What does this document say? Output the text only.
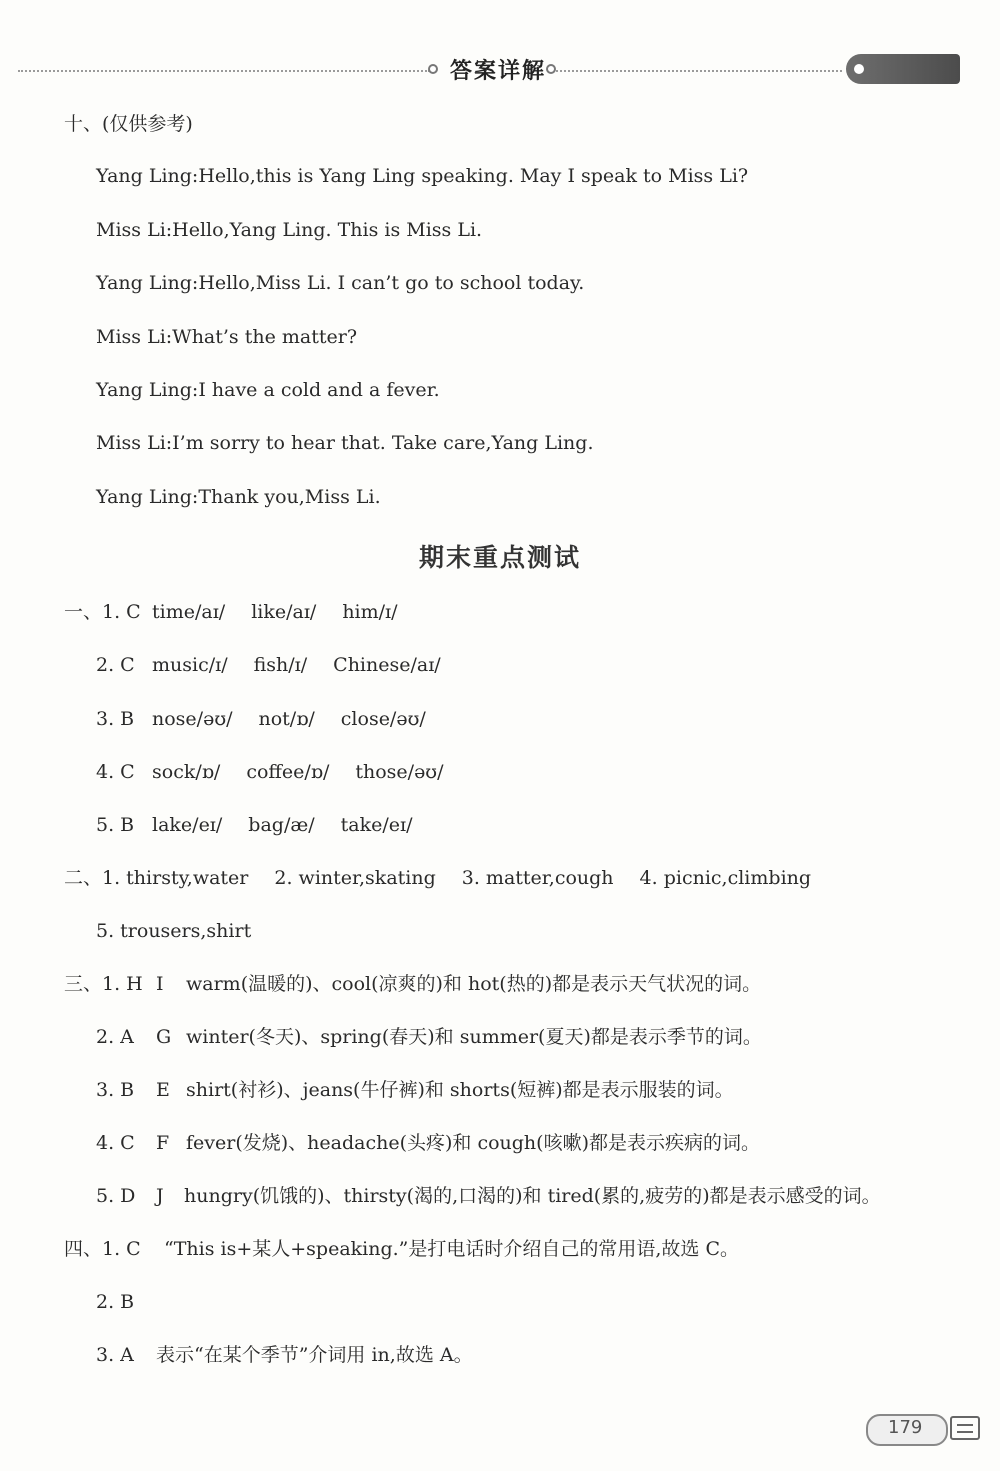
答案详解
十、(仅供参考)
Yang Ling:Hello,this is Yang Ling speaking. May I speak to Miss Li?
Miss Li:Hello,Yang Ling. This is Miss Li.
Yang Ling:Hello,Miss Li. I can’t go to school today.
Miss Li:What’s the matter?
Yang Ling:I have a cold and a fever.
Miss Li:I’m sorry to hear that. Take care,Yang Ling.
Yang Ling:Thank you,Miss Li.
期末重点测试
一、1. C time/aɪ/ like/aɪ/ him/ɪ/
2. C music/ɪ/ fish/ɪ/ Chinese/aɪ/
3. B nose/əʊ/ not/ɒ/ close/əʊ/
4. C sock/ɒ/ coffee/ɒ/ those/əʊ/
5. B lake/eɪ/ bag/æ/ take/eɪ/
二、1. thirsty,water 2. winter,skating 3. matter,cough 4. picnic,climbing
5. trousers,shirt
三、1. H I warm(温暖的)、cool(凉爽的)和 hot(热的)都是表示天气状况的词。
2. A G winter(冬天)、spring(春天)和 summer(夏天)都是表示季节的词。
3. B E shirt(衬衫)、jeans(牛仔裤)和 shorts(短裤)都是表示服装的词。
4. C F fever(发烧)、headache(头疼)和 cough(咳嗽)都是表示疾病的词。
5. D J hungry(饥饿的)、thirsty(渴的,口渴的)和 tired(累的,疲劳的)都是表示感受的词。
四、1. C “This is+某人+speaking.”是打电话时介绍自己的常用语,故选 C。
2. B
3. A 表示“在某个季节”介词用 in,故选 A。
179
